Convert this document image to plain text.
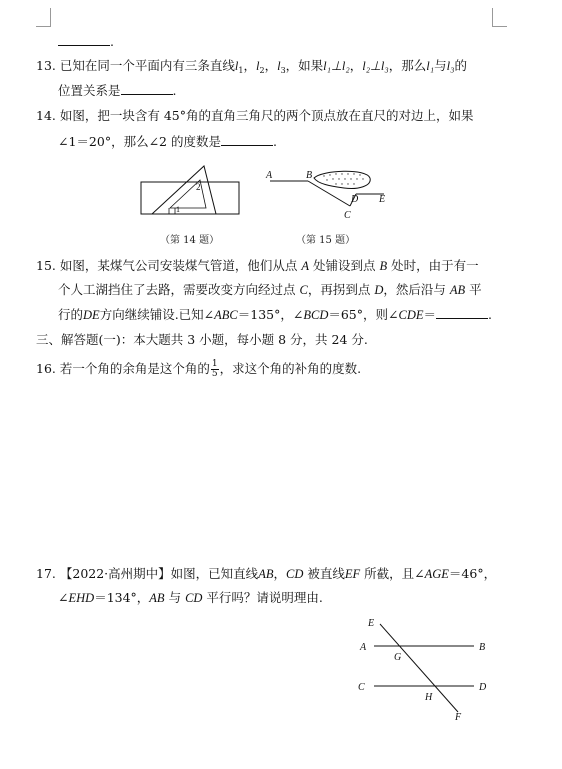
.
13. 已知在同一个平面内有三条直线$l_1$，$l_2$，$l_3$，如果l₁⊥l₂，l₂⊥l₃，那么l₁与l₃的
位置关系是	.
14. 如图，把一块含有 45°角的直角三角尺的两个顶点放在直尺的对边上，如果
∠1＝20°，那么∠2 的度数是	.
2
1
（第 14 题）
A	B
C
D E
（第 15 题）
15. 如图，某煤气公司安装煤气管道，他们从点 A 处铺设到点 B 处时，由于有一
个人工湖挡住了去路，需要改变方向经过点 C，再拐到点 D，然后沿与 AB 平
行的DE方向继续铺设.已知∠ABC＝135°，∠BCD＝65°，则∠CDE＝	.
三、解答题(一)：本大题共 3 小题，每小题 8 分，共 24 分.
16. 若一个角的余角是这个角的 $\frac{1}{5}$ ，求这个角的补角的度数.
17. 【2022·高州期中】如图，已知直线AB，CD 被直线EF 所截，且∠AGE＝46°，
∠EHD＝134°，AB 与 CD 平行吗？请说明理由.
E
A
G
B
C
H
D
F
